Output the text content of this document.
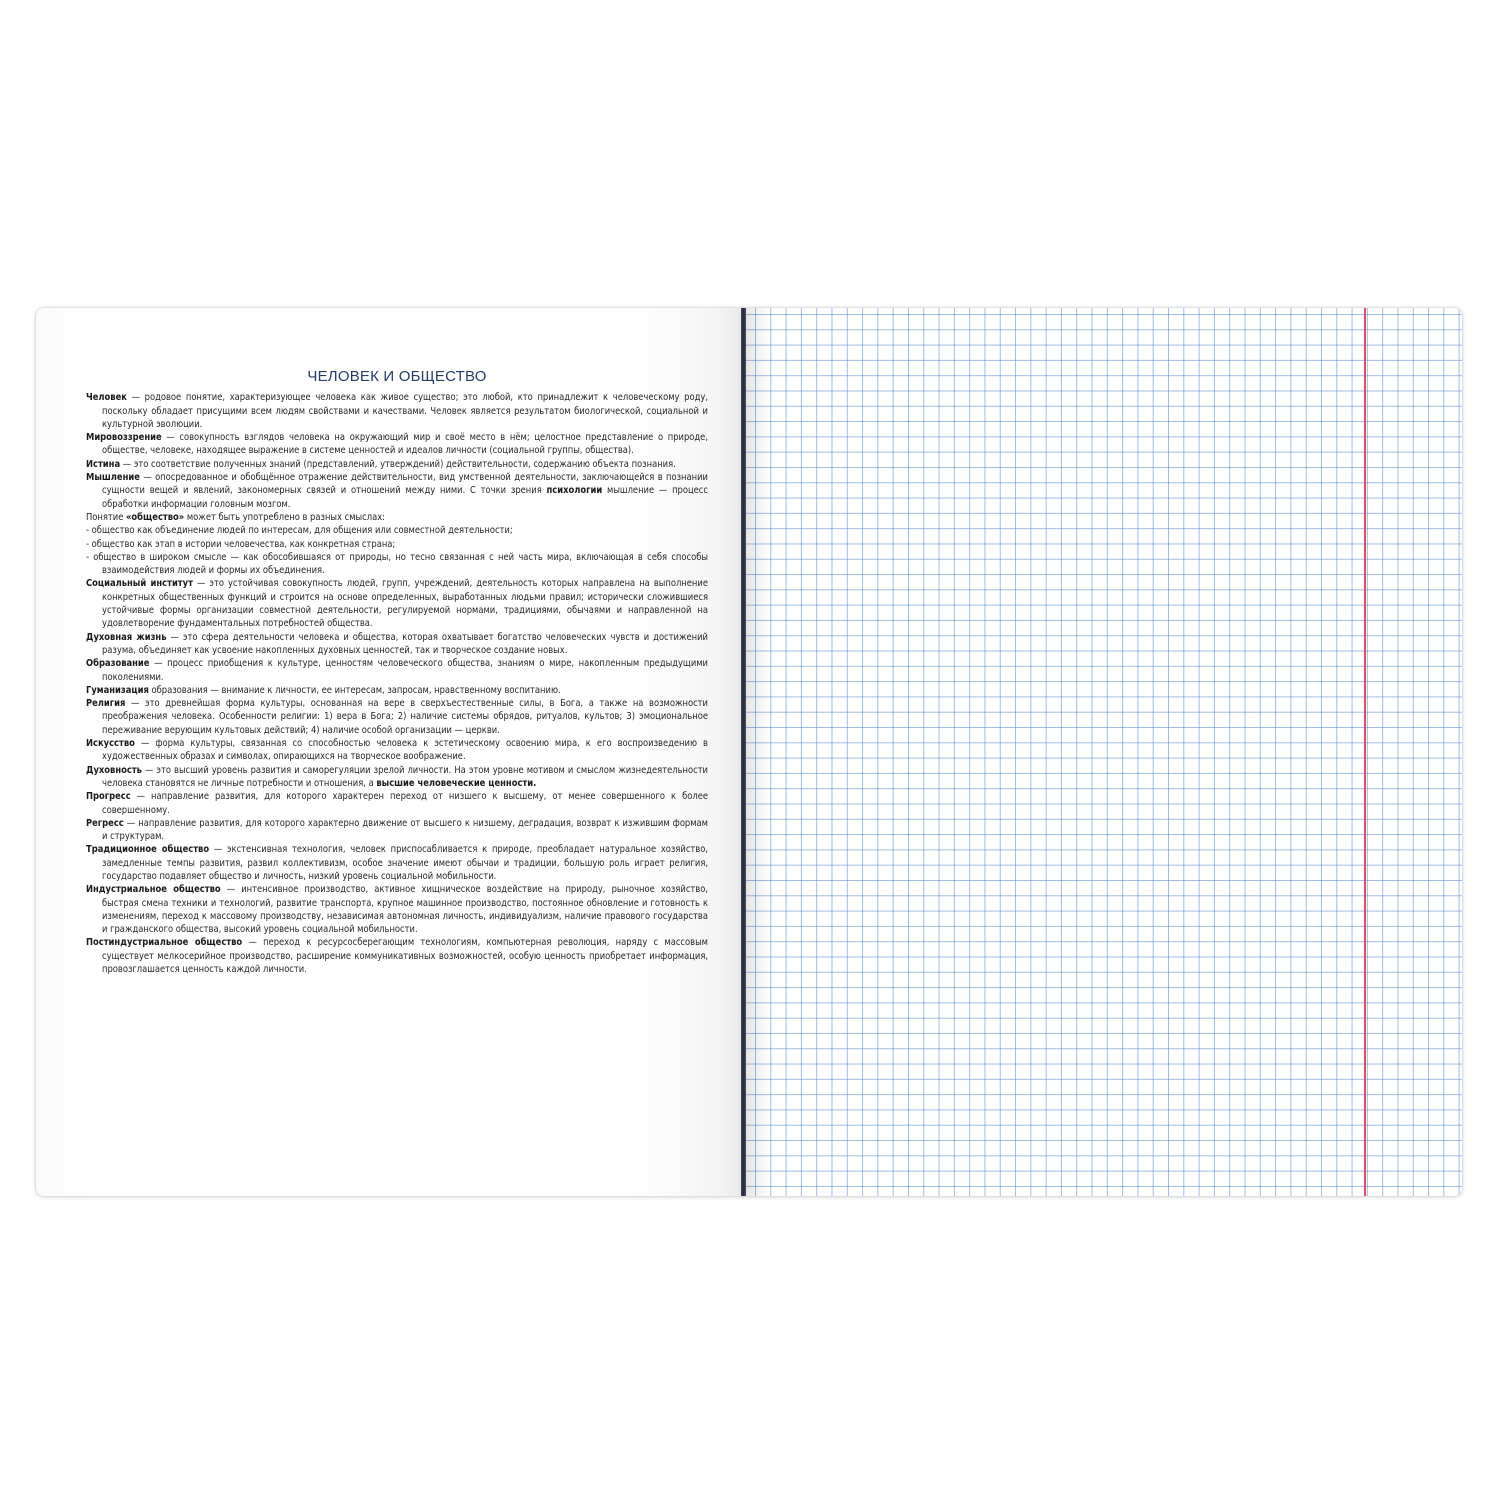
ЧЕЛОВЕК И ОБЩЕСТВО

Человек — родовое понятие, характеризующее человека как живое существо; это любой, кто принадлежит к человеческому роду, поскольку обладает присущими всем людям свойствами и качествами. Человек является результатом биологической, социальной и культурной эволюции.

Мировоззрение — совокупность взглядов человека на окружающий мир и своё место в нём; целостное представление о природе, обществе, человеке, находящее выражение в системе ценностей и идеалов личности (социальной группы, общества).

Истина — это соответствие полученных знаний (представлений, утверждений) действительности, содержанию объекта познания.

Мышление — опосредованное и обобщённое отражение действительности, вид умственной деятельности, заключающейся в познании сущности вещей и явлений, закономерных связей и отношений между ними. С точки зрения психологии мышление — процесс обработки информации головным мозгом.

Понятие «общество» может быть употреблено в разных смыслах:

- общество как объединение людей по интересам, для общения или совместной деятельности;

- общество как этап в истории человечества, как конкретная страна;

- общество в широком смысле — как обособившаяся от природы, но тесно связанная с ней часть мира, включающая в себя способы взаимодействия людей и формы их объединения.

Социальный институт — это устойчивая совокупность людей, групп, учреждений, деятельность которых направлена на выполнение конкретных общественных функций и строится на основе определенных, выработанных людьми правил; исторически сложившиеся устойчивые формы организации совместной деятельности, регулируемой нормами, традициями, обычаями и направленной на удовлетворение фундаментальных потребностей общества.

Духовная жизнь — это сфера деятельности человека и общества, которая охватывает богатство человеческих чувств и достижений разума, объединяет как усвоение накопленных духовных ценностей, так и творческое создание новых.

Образование — процесс приобщения к культуре, ценностям человеческого общества, знаниям о мире, накопленным предыдущими поколениями.

Гуманизация образования — внимание к личности, ее интересам, запросам, нравственному воспитанию.

Религия — это древнейшая форма культуры, основанная на вере в сверхъестественные силы, в Бога, а также на возможности преображения человека. Особенности религии: 1) вера в Бога; 2) наличие системы обрядов, ритуалов, культов; 3) эмоциональное переживание верующим культовых действий; 4) наличие особой организации — церкви.

Искусство — форма культуры, связанная со способностью человека к эстетическому освоению мира, к его воспроизведению в художественных образах и символах, опирающихся на творческое воображение.

Духовность — это высший уровень развития и саморегуляции зрелой личности. На этом уровне мотивом и смыслом жизнедеятельности человека становятся не личные потребности и отношения, а высшие человеческие ценности.

Прогресс — направление развития, для которого характерен переход от низшего к высшему, от менее совершенного к более совершенному.

Регресс — направление развития, для которого характерно движение от высшего к низшему, деградация, возврат к изжившим формам и структурам.

Традиционное общество — экстенсивная технология, человек приспосабливается к природе, преобладает натуральное хозяйство, замедленные темпы развития, развил коллективизм, особое значение имеют обычаи и традиции, большую роль играет религия, государство подавляет общество и личность, низкий уровень социальной мобильности.

Индустриальное общество — интенсивное производство, активное хищническое воздействие на природу, рыночное хозяйство, быстрая смена техники и технологий, развитие транспорта, крупное машинное производство, постоянное обновление и готовность к изменениям, переход к массовому производству, независимая автономная личность, индивидуализм, наличие правового государства и гражданского общества, высокий уровень социальной мобильности.

Постиндустриальное общество — переход к ресурсосберегающим технологиям, компьютерная революция, наряду с массовым существует мелкосерийное производство, расширение коммуникативных возможностей, особую ценность приобретает информация, провозглашается ценность каждой личности.
